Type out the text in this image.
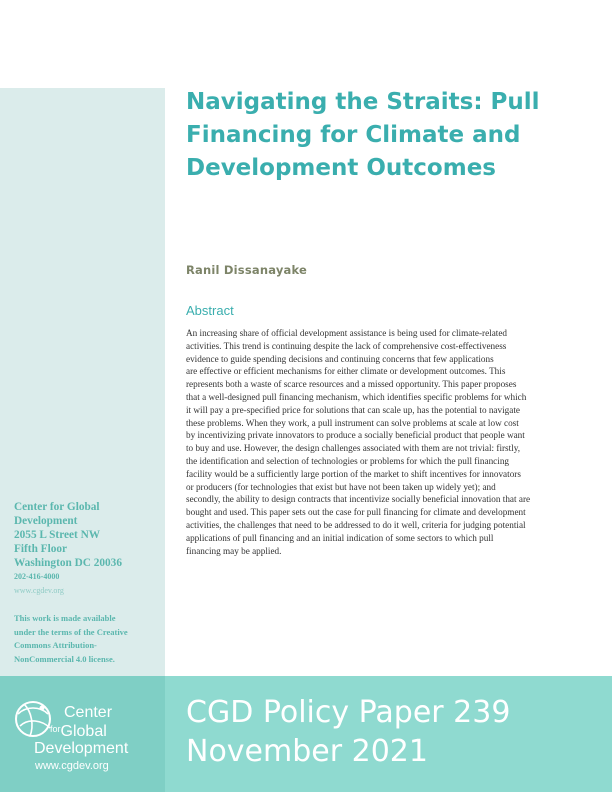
Navigating the Straits: Pull
Financing for Climate and
Development Outcomes
Ranil Dissanayake
Abstract
An increasing share of official development assistance is being used for climate-related
activities. This trend is continuing despite the lack of comprehensive cost-effectiveness
evidence to guide spending decisions and continuing concerns that few applications
are effective or efficient mechanisms for either climate or development outcomes. This
represents both a waste of scarce resources and a missed opportunity. This paper proposes
that a well-designed pull financing mechanism, which identifies specific problems for which
it will pay a pre-specified price for solutions that can scale up, has the potential to navigate
these problems. When they work, a pull instrument can solve problems at scale at low cost
by incentivizing private innovators to produce a socially beneficial product that people want
to buy and use. However, the design challenges associated with them are not trivial: firstly,
the identification and selection of technologies or problems for which the pull financing
facility would be a sufficiently large portion of the market to shift incentives for innovators
or producers (for technologies that exist but have not been taken up widely yet); and
secondly, the ability to design contracts that incentivize socially beneficial innovation that are
bought and used. This paper sets out the case for pull financing for climate and development
activities, the challenges that need to be addressed to do it well, criteria for judging potential
applications of pull financing and an initial indication of some sectors to which pull
financing may be applied.
Center for Global
Development
2055 L Street NW
Fifth Floor
Washington DC 20036
202-416-4000
www.cgdev.org
This work is made available
under the terms of the Creative
Commons Attribution-
NonCommercial 4.0 license.
Center
$^{for}$Global
Development
www.cgdev.org
CGD Policy Paper 239
November 2021
